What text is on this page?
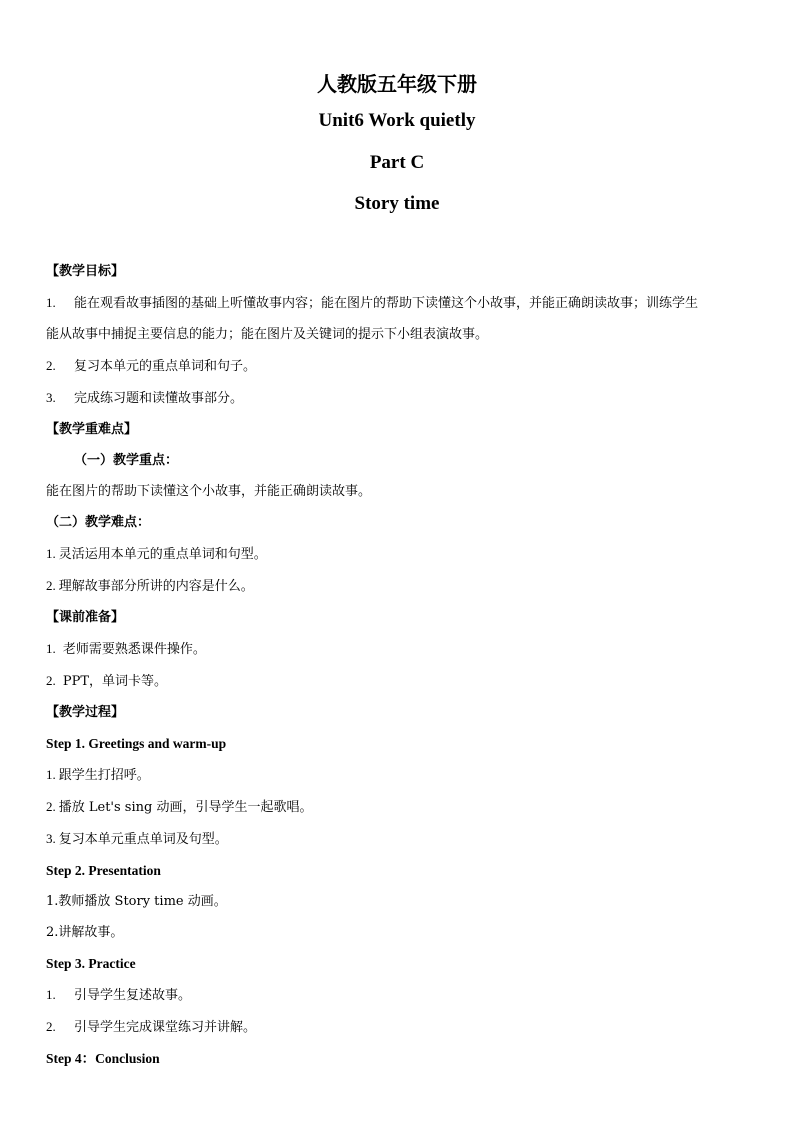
人教版五年级下册
Unit6 Work quietly
Part C
Story time
【教学目标】
1. 能在观看故事插图的基础上听懂故事内容；能在图片的帮助下读懂这个小故事，并能正确朗读故事；训练学生
能从故事中捕捉主要信息的能力；能在图片及关键词的提示下小组表演故事。
2. 复习本单元的重点单词和句子。
3. 完成练习题和读懂故事部分。
【教学重难点】
（一）教学重点：
能在图片的帮助下读懂这个小故事，并能正确朗读故事。
（二）教学难点：
1. 灵活运用本单元的重点单词和句型。
2. 理解故事部分所讲的内容是什么。
【课前准备】
1. 老师需要熟悉课件操作。
2. PPT，单词卡等。
【教学过程】
Step 1. Greetings and warm-up
1. 跟学生打招呼。
2. 播放 Let's sing 动画，引导学生一起歌唱。
3. 复习本单元重点单词及句型。
Step 2. Presentation
1.教师播放 Story time 动画。
2.讲解故事。
Step 3. Practice
1. 引导学生复述故事。
2. 引导学生完成课堂练习并讲解。
Step 4：Conclusion
